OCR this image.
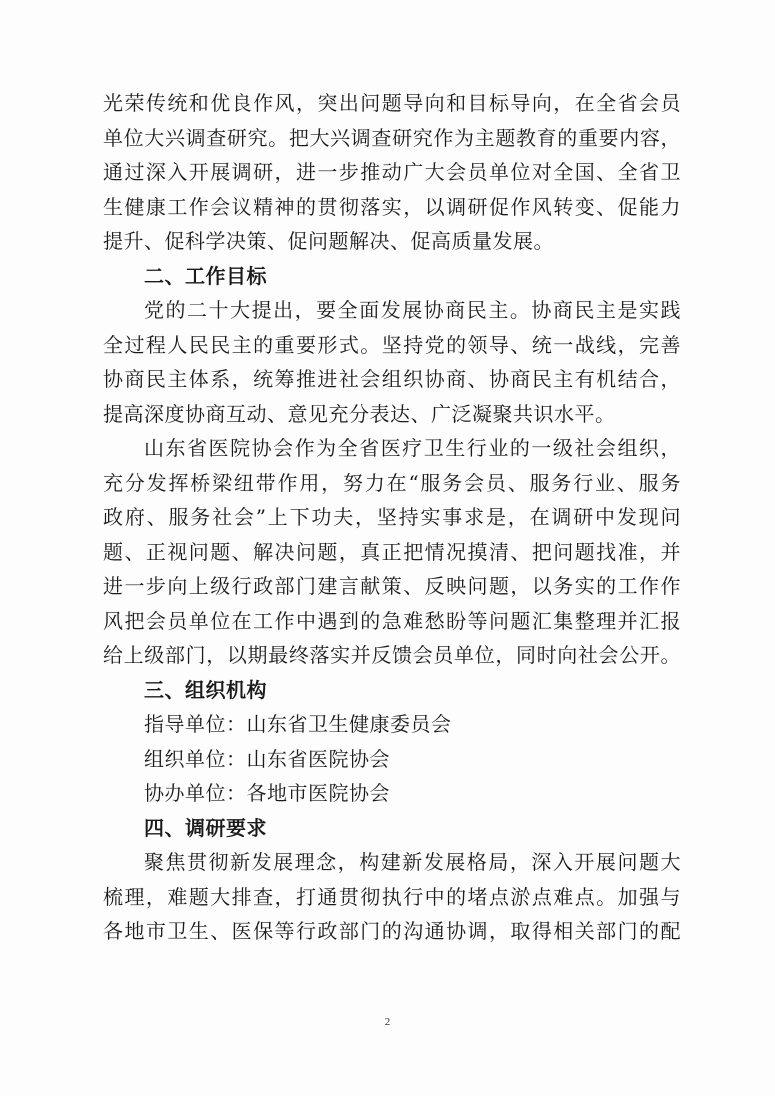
光荣传统和优良作风，突出问题导向和目标导向，在全省会员
单位大兴调查研究。把大兴调查研究作为主题教育的重要内容，
通过深入开展调研，进一步推动广大会员单位对全国、全省卫
生健康工作会议精神的贯彻落实，以调研促作风转变、促能力
提升、促科学决策、促问题解决、促高质量发展。
二、工作目标
党的二十大提出，要全面发展协商民主。协商民主是实践
全过程人民民主的重要形式。坚持党的领导、统一战线，完善
协商民主体系，统筹推进社会组织协商、协商民主有机结合，
提高深度协商互动、意见充分表达、广泛凝聚共识水平。
山东省医院协会作为全省医疗卫生行业的一级社会组织，
充分发挥桥梁纽带作用，努力在“服务会员、服务行业、服务
政府、服务社会”上下功夫，坚持实事求是，在调研中发现问
题、正视问题、解决问题，真正把情况摸清、把问题找准，并
进一步向上级行政部门建言献策、反映问题，以务实的工作作
风把会员单位在工作中遇到的急难愁盼等问题汇集整理并汇报
给上级部门，以期最终落实并反馈会员单位，同时向社会公开。
三、组织机构
指导单位：山东省卫生健康委员会
组织单位：山东省医院协会
协办单位：各地市医院协会
四、调研要求
聚焦贯彻新发展理念，构建新发展格局，深入开展问题大
梳理，难题大排查，打通贯彻执行中的堵点淤点难点。加强与
各地市卫生、医保等行政部门的沟通协调，取得相关部门的配
2
